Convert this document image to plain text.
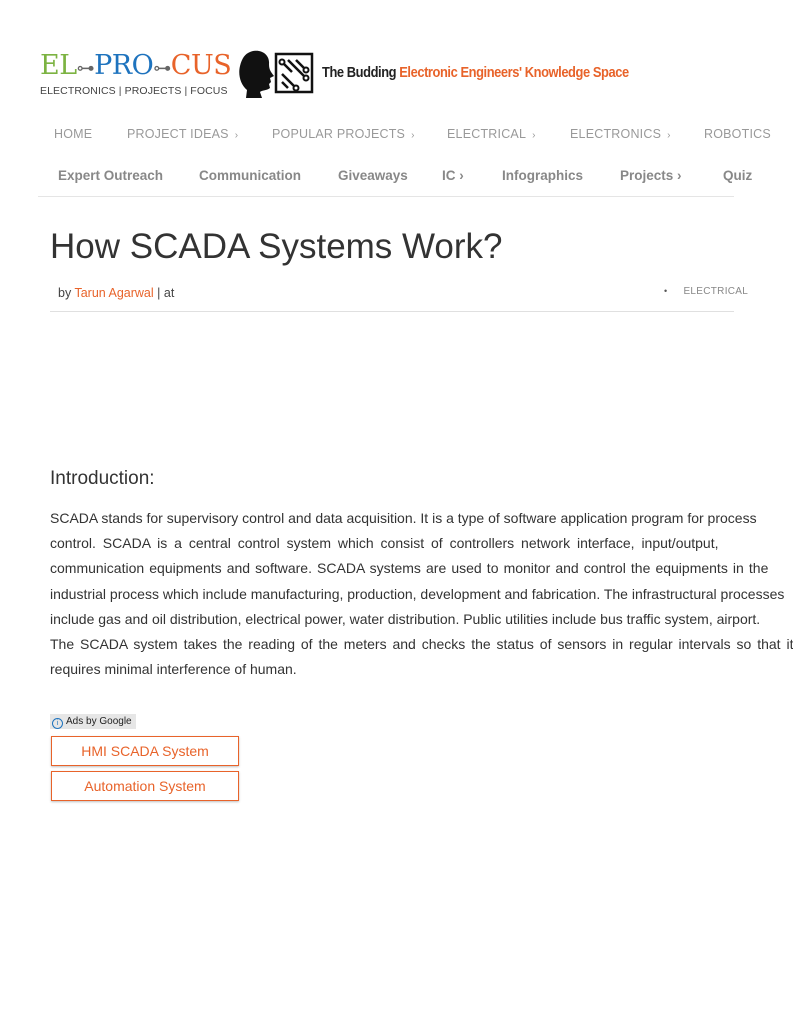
EL⊶PRO⊶CUS
ELECTRONICS | PROJECTS | FOCUS
The Budding Electronic Engineers' Knowledge Space
HOME	PROJECT IDEAS ›	POPULAR PROJECTS ›	ELECTRICAL ›	ELECTRONICS ›	ROBOTICS
Expert Outreach	Communication	Giveaways	IC ›	Infographics	Projects ›	Quiz
How SCADA Systems Work?
by Tarun Agarwal | at	• ELECTRICAL
Introduction:
SCADA stands for supervisory control and data acquisition. It is a type of software application program for process
control. SCADA is a central control system which consist of controllers network interface, input/output,
communication equipments and software. SCADA systems are used to monitor and control the equipments in the
industrial process which include manufacturing, production, development and fabrication. The infrastructural processes
include gas and oil distribution, electrical power, water distribution. Public utilities include bus traffic system, airport.
The SCADA system takes the reading of the meters and checks the status of sensors in regular intervals so that it
requires minimal interference of human.
i Ads by Google
HMI SCADA System
Automation System
